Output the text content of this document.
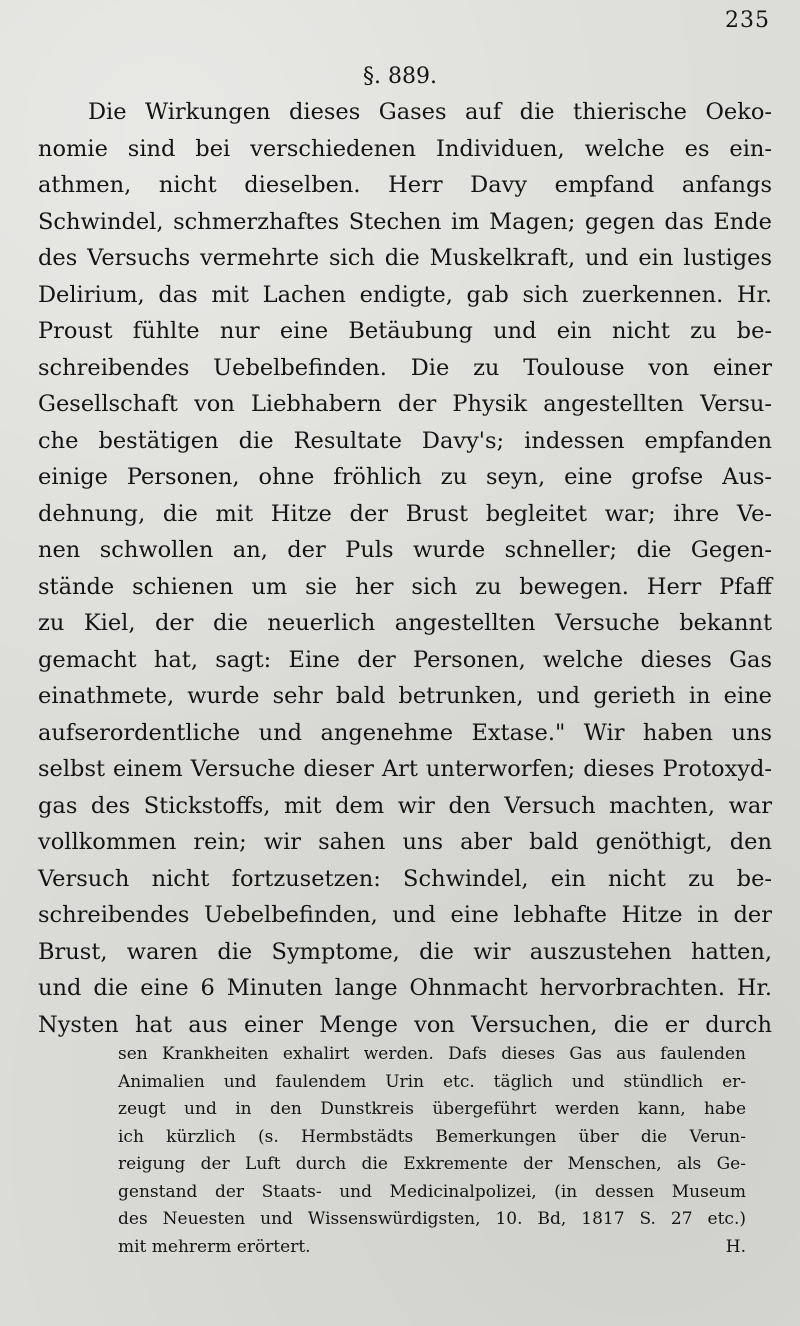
235
§. 889.
Die Wirkungen dieses Gases auf die thierische Oeko-
nomie sind bei verschiedenen Individuen, welche es ein-
athmen, nicht dieselben. Herr Davy empfand anfangs
Schwindel, schmerzhaftes Stechen im Magen; gegen das Ende
des Versuchs vermehrte sich die Muskelkraft, und ein lustiges
Delirium, das mit Lachen endigte, gab sich zuerkennen. Hr.
Proust fühlte nur eine Betäubung und ein nicht zu be-
schreibendes Uebelbefinden. Die zu Toulouse von einer
Gesellschaft von Liebhabern der Physik angestellten Versu-
che bestätigen die Resultate Davy's; indessen empfanden
einige Personen, ohne fröhlich zu seyn, eine grofse Aus-
dehnung, die mit Hitze der Brust begleitet war; ihre Ve-
nen schwollen an, der Puls wurde schneller; die Gegen-
stände schienen um sie her sich zu bewegen. Herr Pfaff
zu Kiel, der die neuerlich angestellten Versuche bekannt
gemacht hat, sagt: Eine der Personen, welche dieses Gas
einathmete, wurde sehr bald betrunken, und gerieth in eine
aufserordentliche und angenehme Extase." Wir haben uns
selbst einem Versuche dieser Art unterworfen; dieses Protoxyd-
gas des Stickstoffs, mit dem wir den Versuch machten, war
vollkommen rein; wir sahen uns aber bald genöthigt, den
Versuch nicht fortzusetzen: Schwindel, ein nicht zu be-
schreibendes Uebelbefinden, und eine lebhafte Hitze in der
Brust, waren die Symptome, die wir auszustehen hatten,
und die eine 6 Minuten lange Ohnmacht hervorbrachten. Hr.
Nysten hat aus einer Menge von Versuchen, die er durch
sen Krankheiten exhalirt werden. Dafs dieses Gas aus faulenden
Animalien und faulendem Urin etc. täglich und stündlich er-
zeugt und in den Dunstkreis übergeführt werden kann, habe
ich kürzlich (s. Hermbstädts Bemerkungen über die Verun-
reigung der Luft durch die Exkremente der Menschen, als Ge-
genstand der Staats- und Medicinalpolizei, (in dessen Museum
des Neuesten und Wissenswürdigsten, 10. Bd, 1817 S. 27 etc.)
mit mehrerm erörtert.	H.
